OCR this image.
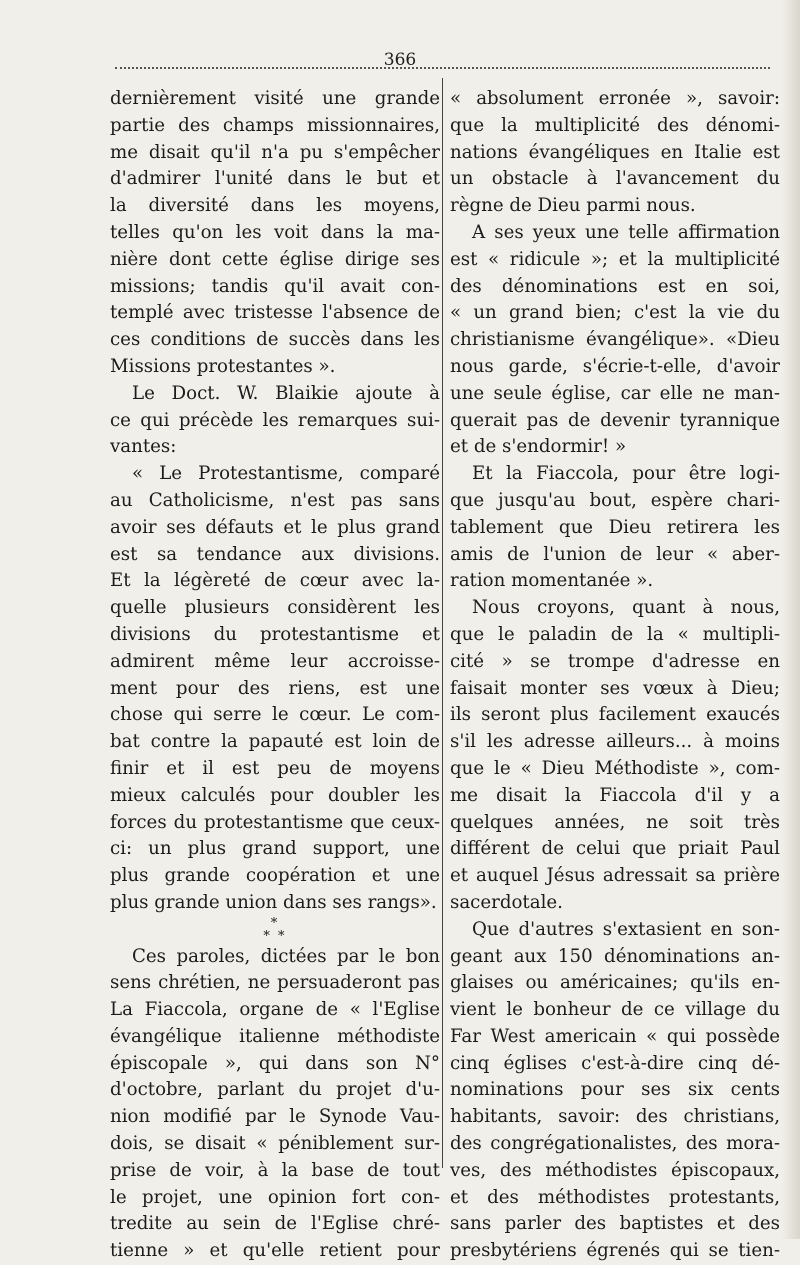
366
dernièrement visité une grande
partie des champs missionnaires,
me disait qu'il n'a pu s'empêcher
d'admirer l'unité dans le but et
la diversité dans les moyens,
telles qu'on les voit dans la ma-
nière dont cette église dirige ses
missions; tandis qu'il avait con-
templé avec tristesse l'absence de
ces conditions de succès dans les
Missions protestantes ».
Le Doct. W. Blaikie ajoute à
ce qui précède les remarques sui-
vantes:
« Le Protestantisme, comparé
au Catholicisme, n'est pas sans
avoir ses défauts et le plus grand
est sa tendance aux divisions.
Et la légèreté de cœur avec la-
quelle plusieurs considèrent les
divisions du protestantisme et
admirent même leur accroisse-
ment pour des riens, est une
chose qui serre le cœur. Le com-
bat contre la papauté est loin de
finir et il est peu de moyens
mieux calculés pour doubler les
forces du protestantisme que ceux-
ci: un plus grand support, une
plus grande coopération et une
plus grande union dans ses rangs».
*
* *
Ces paroles, dictées par le bon
sens chrétien, ne persuaderont pas
La Fiaccola, organe de « l'Eglise
évangélique italienne méthodiste
épiscopale », qui dans son N°
d'octobre, parlant du projet d'u-
nion modifié par le Synode Vau-
dois, se disait « péniblement sur-
prise de voir, à la base de tout
le projet, une opinion fort con-
tredite au sein de l'Eglise chré-
tienne » et qu'elle retient pour
« absolument erronée », savoir:
que la multiplicité des dénomi-
nations évangéliques en Italie est
un obstacle à l'avancement du
règne de Dieu parmi nous.
A ses yeux une telle affirmation
est « ridicule »; et la multiplicité
des dénominations est en soi,
« un grand bien; c'est la vie du
christianisme évangélique». «Dieu
nous garde, s'écrie-t-elle, d'avoir
une seule église, car elle ne man-
querait pas de devenir tyrannique
et de s'endormir! »
Et la Fiaccola, pour être logi-
que jusqu'au bout, espère chari-
tablement que Dieu retirera les
amis de l'union de leur « aber-
ration momentanée ».
Nous croyons, quant à nous,
que le paladin de la « multipli-
cité » se trompe d'adresse en
faisait monter ses vœux à Dieu;
ils seront plus facilement exaucés
s'il les adresse ailleurs... à moins
que le « Dieu Méthodiste », com-
me disait la Fiaccola d'il y a
quelques années, ne soit très
différent de celui que priait Paul
et auquel Jésus adressait sa prière
sacerdotale.
Que d'autres s'extasient en son-
geant aux 150 dénominations an-
glaises ou américaines; qu'ils en-
vient le bonheur de ce village du
Far West americain « qui possède
cinq églises c'est-à-dire cinq dé-
nominations pour ses six cents
habitants, savoir: des christians,
des congrégationalistes, des mora-
ves, des méthodistes épiscopaux,
et des méthodistes protestants,
sans parler des baptistes et des
presbytériens égrenés qui se tien-
